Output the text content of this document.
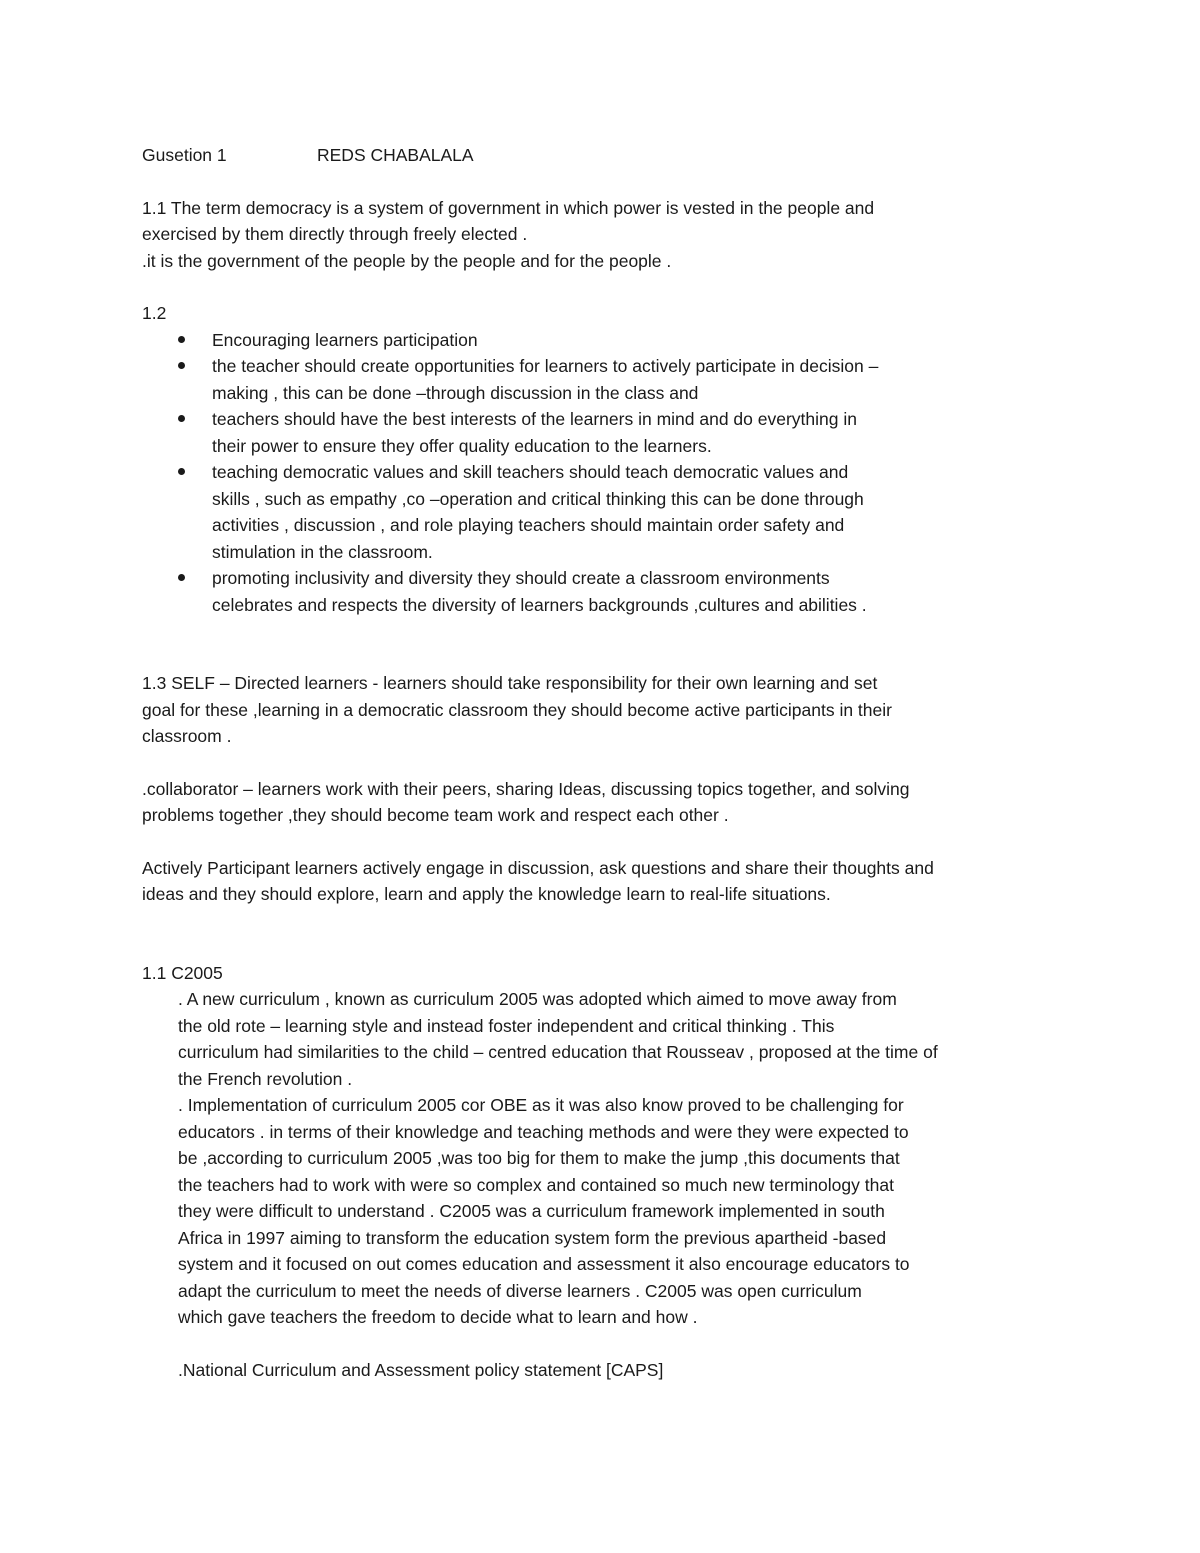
Gusetion 1	REDS CHABALALA
1.1 The term democracy is a system of government in which power is vested in the people and
exercised by them directly through freely elected .
.it is the government of the people by the people and for the people .
1.2
Encouraging learners participation
the teacher should create opportunities for learners to actively participate in decision –
making , this can be done –through discussion in the class and
teachers should have the best interests of the learners in mind and do everything in
their power to ensure they offer quality education to the learners.
teaching democratic values and skill teachers should teach democratic values and
skills , such as empathy ,co –operation and critical thinking this can be done through
activities , discussion , and role playing teachers should maintain order safety and
stimulation in the classroom.
promoting inclusivity and diversity they should create a classroom environments
celebrates and respects the diversity of learners backgrounds ,cultures and abilities .
1.3 SELF – Directed learners - learners should take responsibility for their own learning and set
goal for these ,learning in a democratic classroom they should become active participants in their
classroom .
.collaborator – learners work with their peers, sharing Ideas, discussing topics together, and solving
problems together ,they should become team work and respect each other .
Actively Participant learners actively engage in discussion, ask questions and share their thoughts and
ideas and they should explore, learn and apply the knowledge learn to real-life situations.
1.1 C2005
. A new curriculum , known as curriculum 2005 was adopted which aimed to move away from
the old rote – learning style and instead foster independent and critical thinking . This
curriculum had similarities to the child – centred education that Rousseav , proposed at the time of
the French revolution .
. Implementation of curriculum 2005 cor OBE as it was also know proved to be challenging for
educators . in terms of their knowledge and teaching methods and were they were expected to
be ,according to curriculum 2005 ,was too big for them to make the jump ,this documents that
the teachers had to work with were so complex and contained so much new terminology that
they were difficult to understand . C2005 was a curriculum framework implemented in south
Africa in 1997 aiming to transform the education system form the previous apartheid -based
system and it focused on out comes education and assessment it also encourage educators to
adapt the curriculum to meet the needs of diverse learners . C2005 was open curriculum
which gave teachers the freedom to decide what to learn and how .
.National Curriculum and Assessment policy statement [CAPS]
